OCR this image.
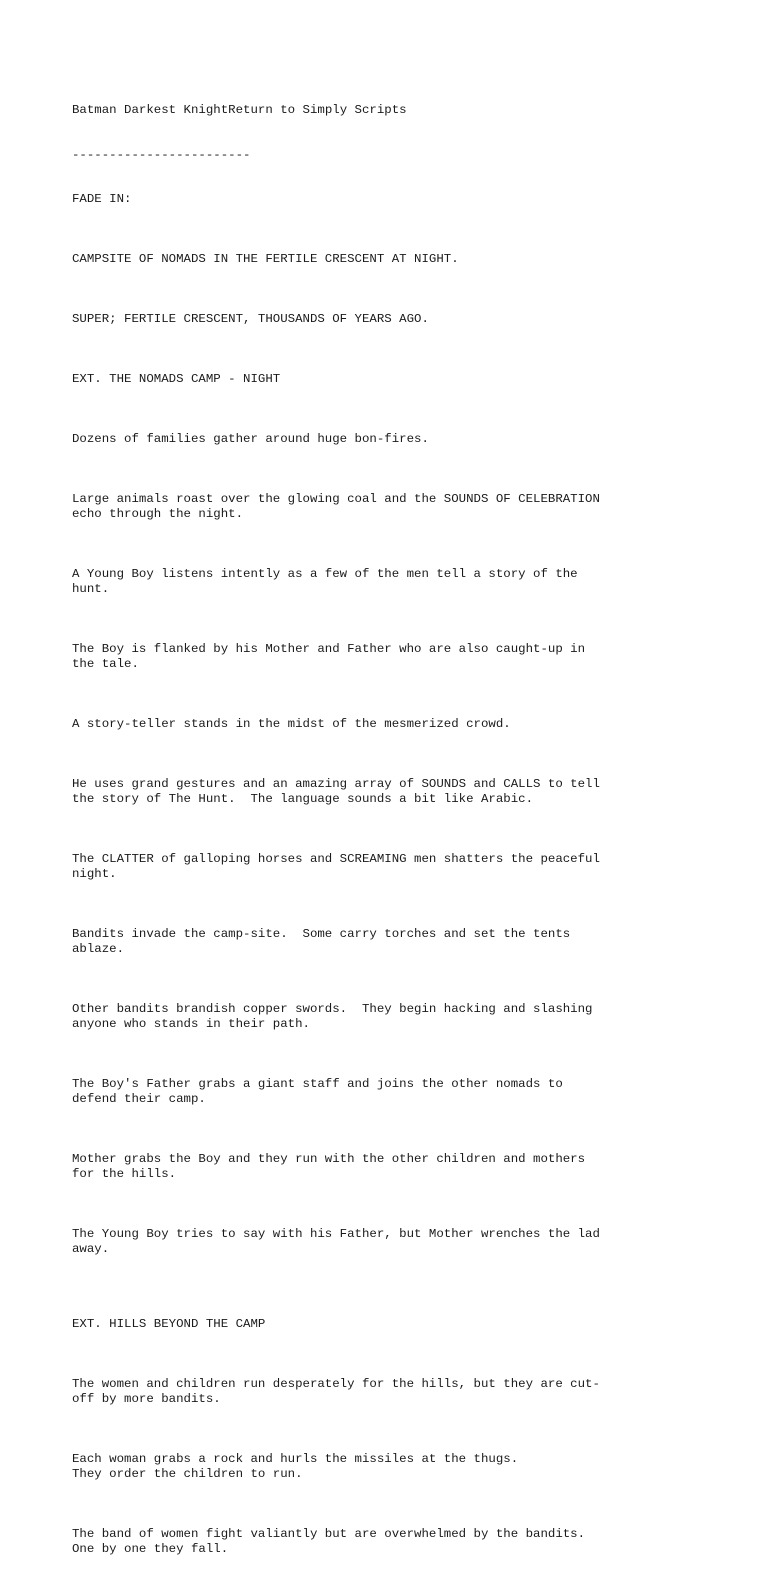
Batman Darkest KnightReturn to Simply Scripts

------------------------

FADE IN:

CAMPSITE OF NOMADS IN THE FERTILE CRESCENT AT NIGHT.

SUPER; FERTILE CRESCENT, THOUSANDS OF YEARS AGO.

EXT. THE NOMADS CAMP - NIGHT

Dozens of families gather around huge bon-fires.

Large animals roast over the glowing coal and the SOUNDS OF CELEBRATION
echo through the night.

A Young Boy listens intently as a few of the men tell a story of the
hunt.

The Boy is flanked by his Mother and Father who are also caught-up in
the tale.

A story-teller stands in the midst of the mesmerized crowd.

He uses grand gestures and an amazing array of SOUNDS and CALLS to tell
the story of The Hunt.  The language sounds a bit like Arabic.

The CLATTER of galloping horses and SCREAMING men shatters the peaceful
night.

Bandits invade the camp-site.  Some carry torches and set the tents
ablaze.

Other bandits brandish copper swords.  They begin hacking and slashing
anyone who stands in their path.

The Boy's Father grabs a giant staff and joins the other nomads to
defend their camp.

Mother grabs the Boy and they run with the other children and mothers
for the hills.

The Young Boy tries to say with his Father, but Mother wrenches the lad
away.

EXT. HILLS BEYOND THE CAMP

The women and children run desperately for the hills, but they are cut-
off by more bandits.

Each woman grabs a rock and hurls the missiles at the thugs.
They order the children to run.

The band of women fight valiantly but are overwhelmed by the bandits.
One by one they fall.
